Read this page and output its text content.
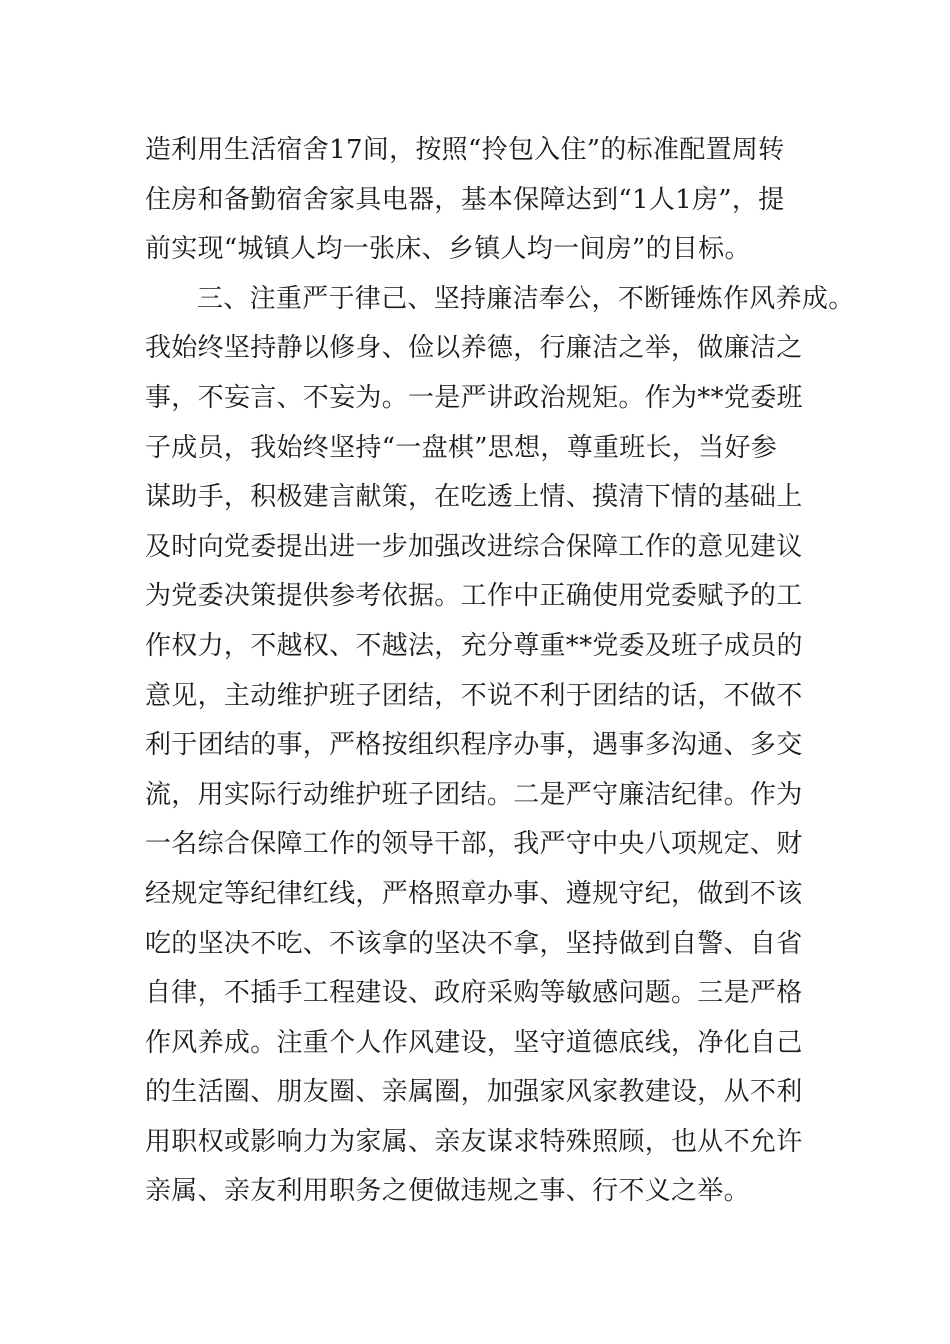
造利用生活宿舍17间，按照“拎包入住”的标准配置周转
住房和备勤宿舍家具电器，基本保障达到“1人1房”，提
前实现“城镇人均一张床、乡镇人均一间房”的目标。
三、注重严于律己、坚持廉洁奉公，不断锤炼作风养成。
我始终坚持静以修身、俭以养德，行廉洁之举，做廉洁之
事，不妄言、不妄为。一是严讲政治规矩。作为**党委班
子成员，我始终坚持“一盘棋”思想，尊重班长，当好参
谋助手，积极建言献策，在吃透上情、摸清下情的基础上
及时向党委提出进一步加强改进综合保障工作的意见建议
为党委决策提供参考依据。工作中正确使用党委赋予的工
作权力，不越权、不越法，充分尊重**党委及班子成员的
意见，主动维护班子团结，不说不利于团结的话，不做不
利于团结的事，严格按组织程序办事，遇事多沟通、多交
流，用实际行动维护班子团结。二是严守廉洁纪律。作为
一名综合保障工作的领导干部，我严守中央八项规定、财
经规定等纪律红线，严格照章办事、遵规守纪，做到不该
吃的坚决不吃、不该拿的坚决不拿，坚持做到自警、自省
自律，不插手工程建设、政府采购等敏感问题。三是严格
作风养成。注重个人作风建设，坚守道德底线，净化自己
的生活圈、朋友圈、亲属圈，加强家风家教建设，从不利
用职权或影响力为家属、亲友谋求特殊照顾，也从不允许
亲属、亲友利用职务之便做违规之事、行不义之举。
